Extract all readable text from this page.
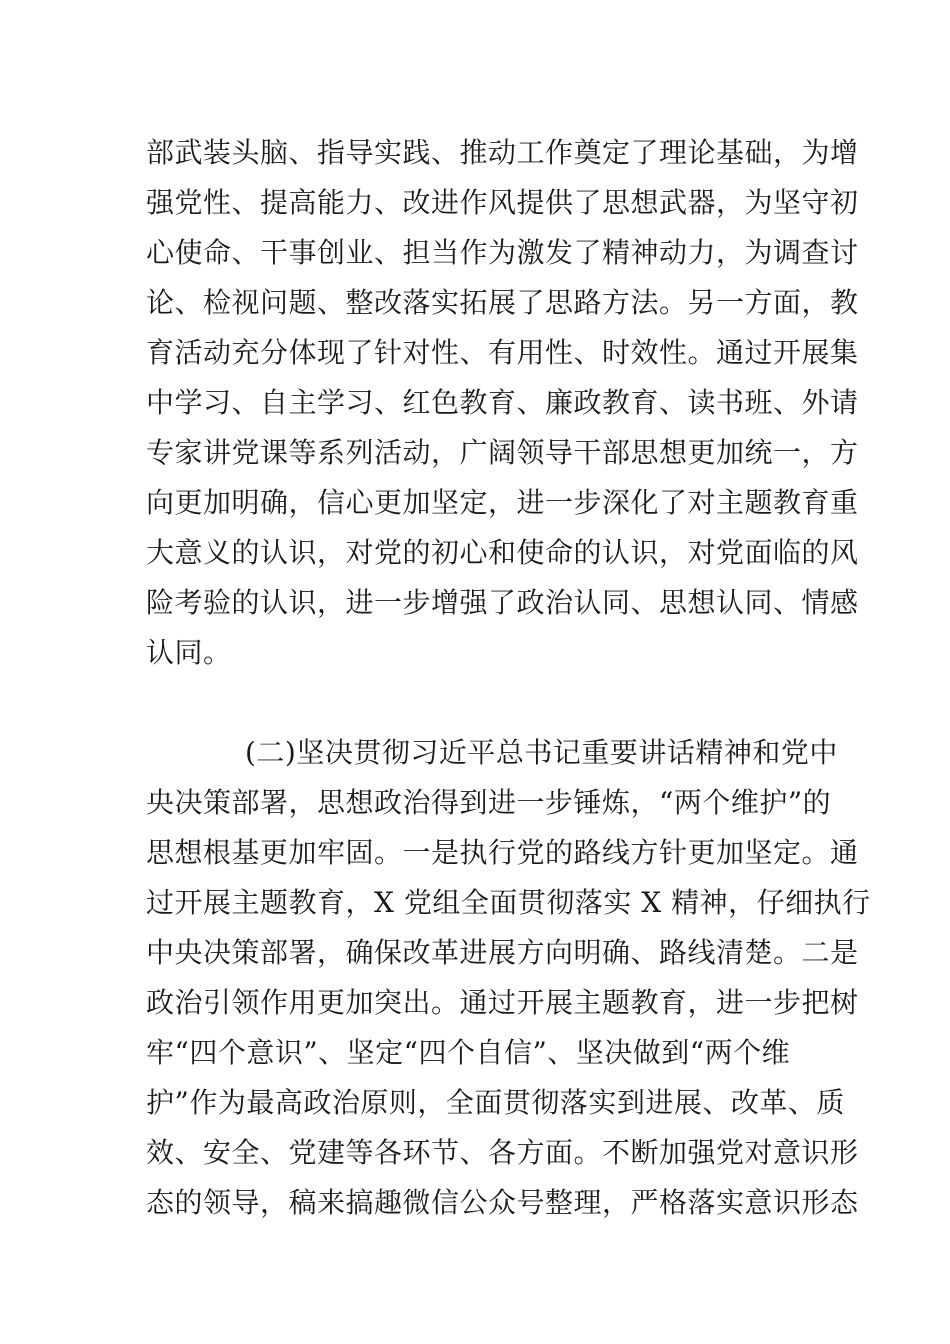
部武装头脑、指导实践、推动工作奠定了理论基础，为增
强党性、提高能力、改进作风提供了思想武器，为坚守初
心使命、干事创业、担当作为激发了精神动力，为调查讨
论、检视问题、整改落实拓展了思路方法。另一方面，教
育活动充分体现了针对性、有用性、时效性。通过开展集
中学习、自主学习、红色教育、廉政教育、读书班、外请
专家讲党课等系列活动，广阔领导干部思想更加统一，方
向更加明确，信心更加坚定，进一步深化了对主题教育重
大意义的认识，对党的初心和使命的认识，对党面临的风
险考验的认识，进一步增强了政治认同、思想认同、情感
认同。
(二)坚决贯彻习近平总书记重要讲话精神和党中
央决策部署，思想政治得到进一步锤炼，“两个维护”的
思想根基更加牢固。一是执行党的路线方针更加坚定。通
过开展主题教育，X 党组全面贯彻落实 X 精神，仔细执行
中央决策部署，确保改革进展方向明确、路线清楚。二是
政治引领作用更加突出。通过开展主题教育，进一步把树
牢“四个意识”、坚定“四个自信”、坚决做到“两个维
护”作为最高政治原则，全面贯彻落实到进展、改革、质
效、安全、党建等各环节、各方面。不断加强党对意识形
态的领导，稿来搞趣微信公众号整理，严格落实意识形态
